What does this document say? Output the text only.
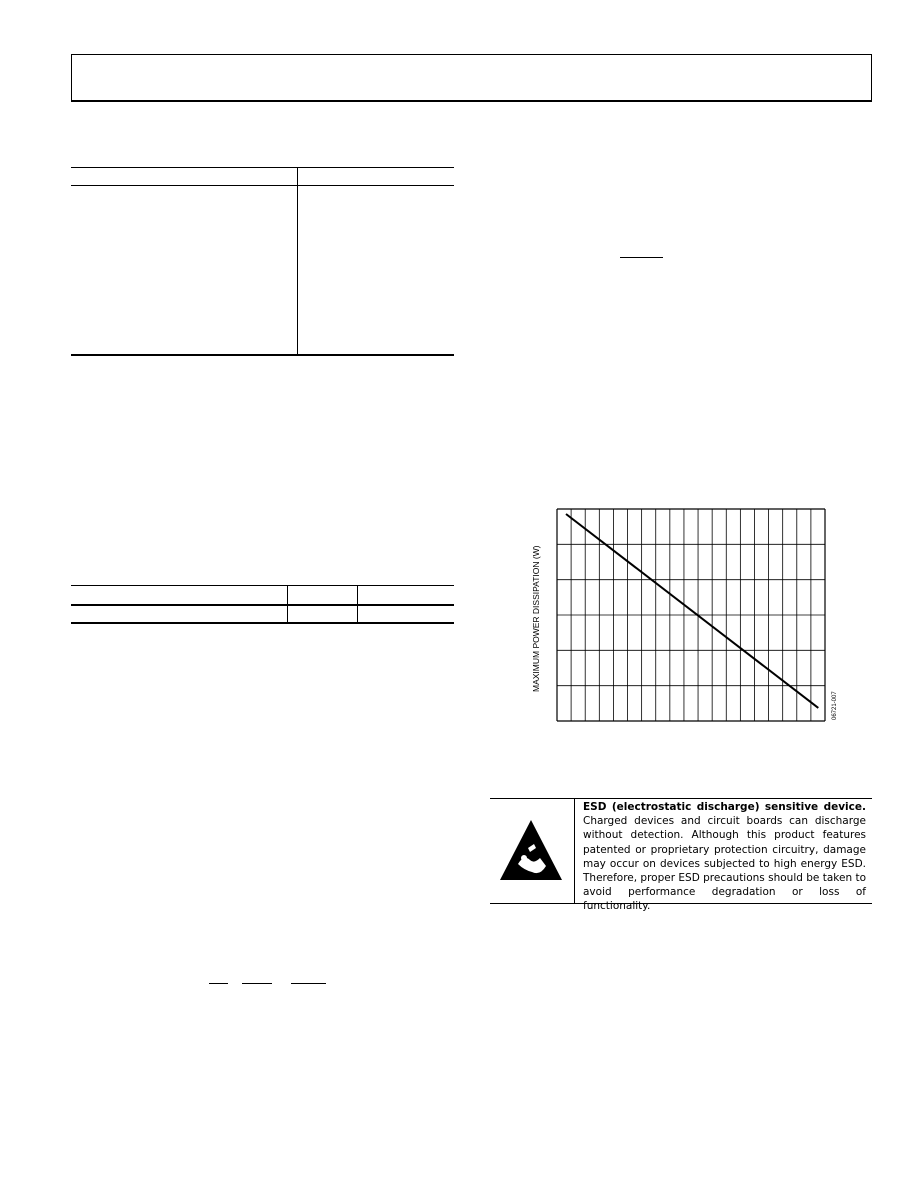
MAXIMUM POWER DISSIPATION (W)
06721-007
ESD (electrostatic discharge) sensitive device. Charged devices and circuit boards can discharge without detection. Although this product features patented or proprietary protection circuitry, damage may occur on devices subjected to high energy ESD. Therefore, proper ESD precautions should be taken to avoid performance degradation or loss of functionality.
